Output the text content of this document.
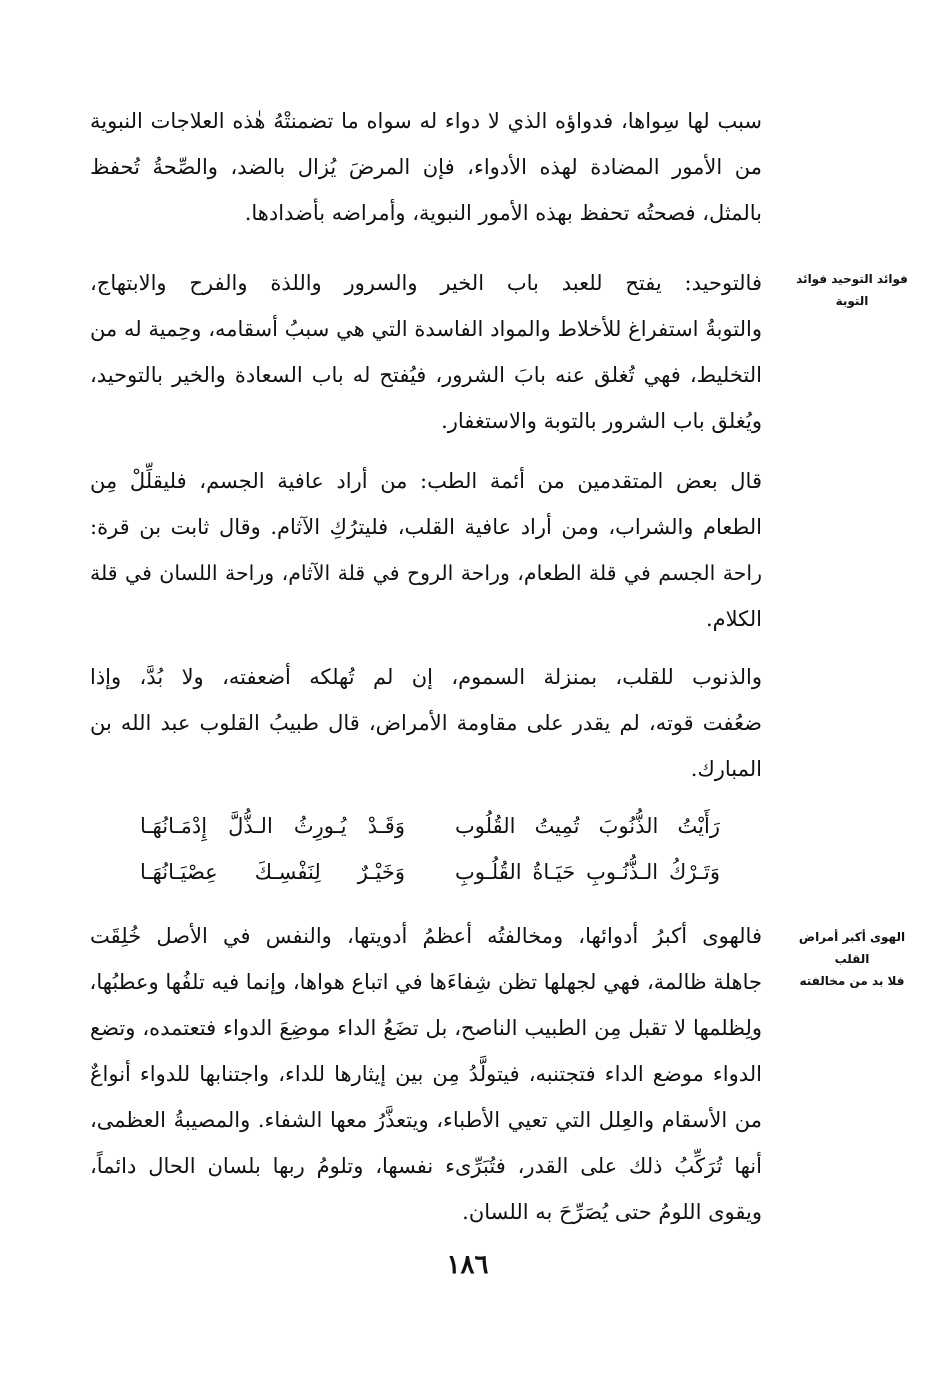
سبب لها سِواها، فدواؤه الذي لا دواء له سواه ما تضمنتْهُ هٰذه العلاجات النبوية
من الأمور المضادة لهذه الأدواء، فإن المرضَ يُزال بالضد، والصِّحةُ تُحفظ
بالمثل، فصحتُه تحفظ بهذه الأمور النبوية، وأمراضه بأضدادها.
فوائد التوحيد فوائد
التوبة
فالتوحيد: يفتح للعبد باب الخير والسرور واللذة والفرح والابتهاج،
والتوبةُ استفراغ للأخلاط والمواد الفاسدة التي هي سببُ أسقامه، وحِمية له من
التخليط، فهي تُغلق عنه بابَ الشرور، فيُفتح له باب السعادة والخير بالتوحيد،
ويُغلق باب الشرور بالتوبة والاستغفار.
قال بعض المتقدمين من أئمة الطب: من أراد عافية الجسم، فليقلِّلْ مِن
الطعام والشراب، ومن أراد عافية القلب، فليترُكِ الآثام. وقال ثابت بن قرة:
راحة الجسم في قلة الطعام، وراحة الروح في قلة الآثام، وراحة اللسان في قلة
الكلام.
والذنوب للقلب، بمنزلة السموم، إن لم تُهلكه أضعفته، ولا بُدَّ، وإذا
ضعُفت قوته، لم يقدر على مقاومة الأمراض، قال طبيبُ القلوب عبد الله بن
المبارك.
رَأَيْتُ الذُّنُوبَ تُمِيتُ القُلُوب
وَقَـدْ يُـورِثُ الـذُّلَّ إِدْمَـانُهَـا
وَتَـرْكُ الـذُّنُـوبِ حَيَـاةُ القُلُـوبِ
وَخَيْـرٌ لِنَفْسِـكَ عِصْيَـانُهَـا
الهوى أكبر أمراض القلب
فلا بد من مخالفته
فالهوى أكبرُ أدوائها، ومخالفتُه أعظمُ أدويتها، والنفس في الأصل خُلِقَت
جاهلة ظالمة، فهي لجهلها تظن شِفاءَها في اتباع هواها، وإنما فيه تلفُها وعطبُها،
ولِظلمها لا تقبل مِن الطبيب الناصح، بل تضَعُ الداء موضِعَ الدواء فتعتمده، وتضع
الدواء موضع الداء فتجتنبه، فيتولَّدُ مِن بين إيثارها للداء، واجتنابها للدواء أنواعٌ
من الأسقام والعِلل التي تعيي الأطباء، ويتعذَّرُ معها الشفاء. والمصيبةُ العظمى،
أنها تُرَكِّبُ ذلك على القدر، فتُبَرِّىء نفسها، وتلومُ ربها بلسان الحال دائماً،
ويقوى اللومُ حتى يُصَرِّحَ به اللسان.
١٨٦
